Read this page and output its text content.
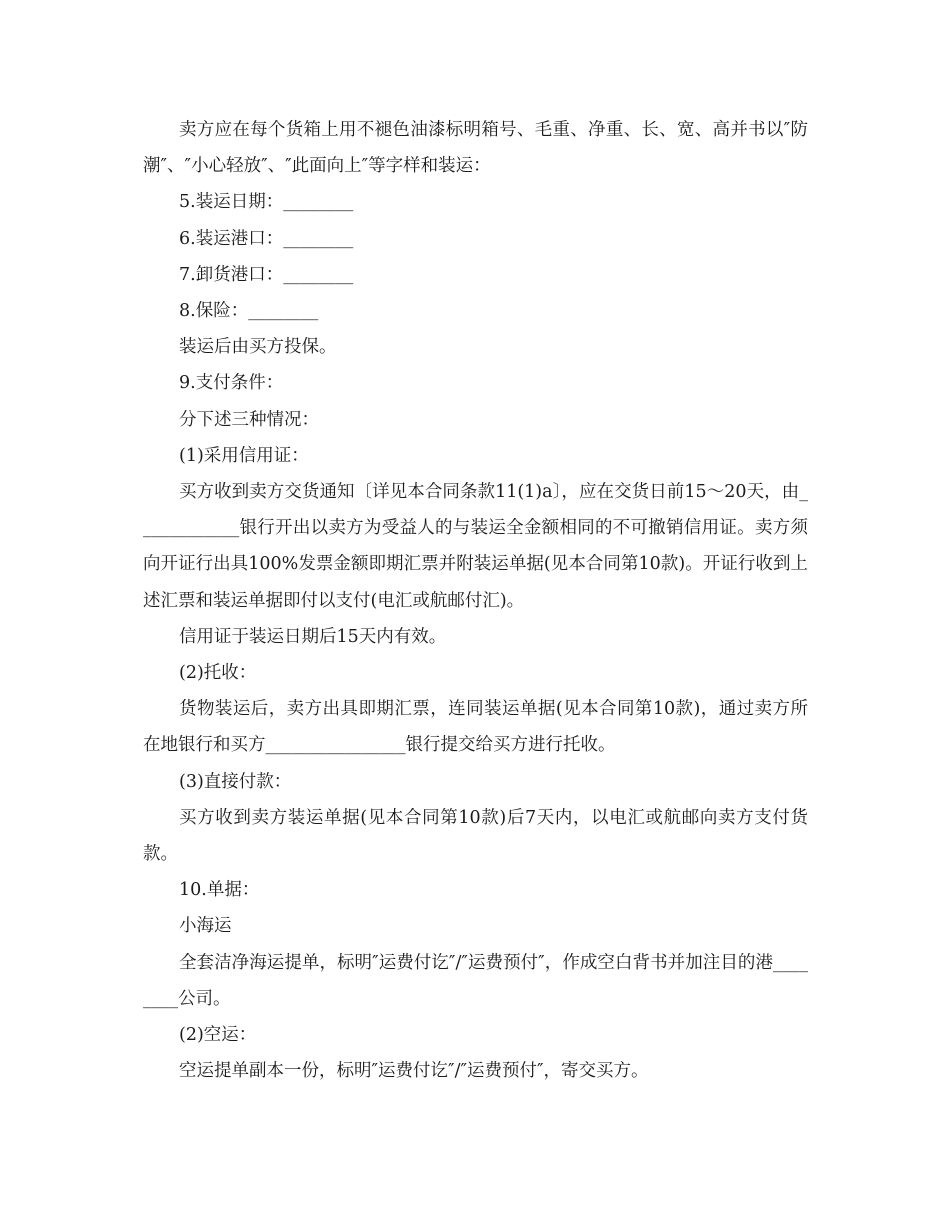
卖方应在每个货箱上用不褪色油漆标明箱号、毛重、净重、长、宽、高并书以″防潮″、″小心轻放″、″此面向上″等字样和装运：

5.装运日期：________

6.装运港口：________

7.卸货港口：________

8.保险：________

装运后由买方投保。

9.支付条件：

分下述三种情况：

(1)采用信用证：

买方收到卖方交货通知〔详见本合同条款11(1)a〕，应在交货日前15～20天，由____________银行开出以卖方为受益人的与装运全金额相同的不可撤销信用证。卖方须向开证行出具100%发票金额即期汇票并附装运单据(见本合同第10款)。开证行收到上述汇票和装运单据即付以支付(电汇或航邮付汇)。

信用证于装运日期后15天内有效。

(2)托收：

货物装运后，卖方出具即期汇票，连同装运单据(见本合同第10款)，通过卖方所在地银行和买方________________银行提交给买方进行托收。

(3)直接付款：

买方收到卖方装运单据(见本合同第10款)后7天内，以电汇或航邮向卖方支付货款。

10.单据：

小海运

全套洁净海运提单，标明″运费付讫″/″运费预付″，作成空白背书并加注目的港________公司。

(2)空运：

空运提单副本一份，标明″运费付讫″/″运费预付″，寄交买方。
